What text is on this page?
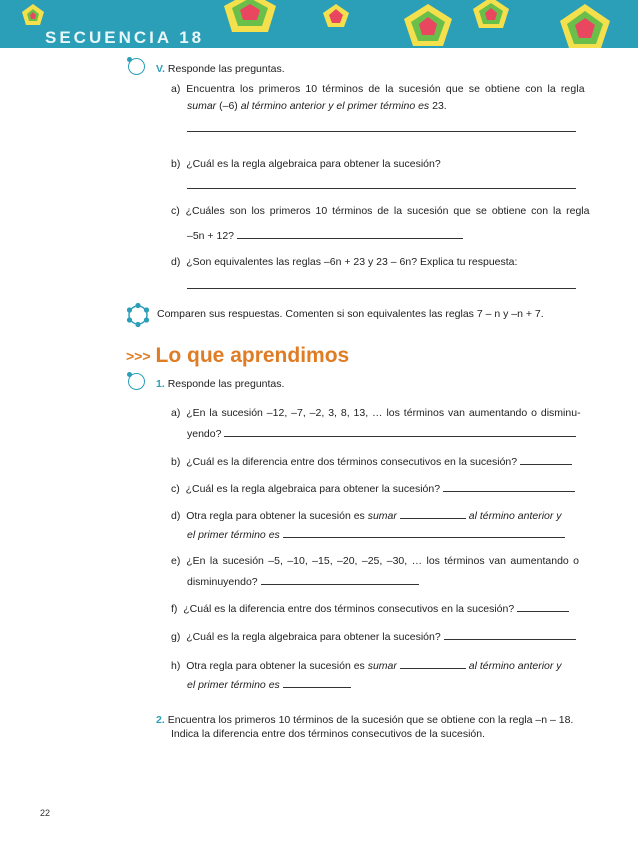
SECUENCIA 18
V. Responde las preguntas.
a) Encuentra los primeros 10 términos de la sucesión que se obtiene con la regla
sumar (–6) al término anterior y el primer término es 23.
b) ¿Cuál es la regla algebraica para obtener la sucesión?
c) ¿Cuáles son los primeros 10 términos de la sucesión que se obtiene con la regla
–5n + 12?
d) ¿Son equivalentes las reglas –6n + 23 y 23 – 6n? Explica tu respuesta:
Comparen sus respuestas. Comenten si son equivalentes las reglas 7 – n y –n + 7.
>>> Lo que aprendimos
1. Responde las preguntas.
a) ¿En la sucesión –12, –7, –2, 3, 8, 13, … los términos van aumentando o disminu-
yendo?
b) ¿Cuál es la diferencia entre dos términos consecutivos en la sucesión?
c) ¿Cuál es la regla algebraica para obtener la sucesión?
d) Otra regla para obtener la sucesión es sumar	al término anterior y
el primer término es
e) ¿En la sucesión –5, –10, –15, –20, –25, –30, … los términos van aumentando o
disminuyendo?
f) ¿Cuál es la diferencia entre dos términos consecutivos en la sucesión?
g) ¿Cuál es la regla algebraica para obtener la sucesión?
h) Otra regla para obtener la sucesión es sumar	al término anterior y
el primer término es
2. Encuentra los primeros 10 términos de la sucesión que se obtiene con la regla –n – 18.
Indica la diferencia entre dos términos consecutivos de la sucesión.
22
